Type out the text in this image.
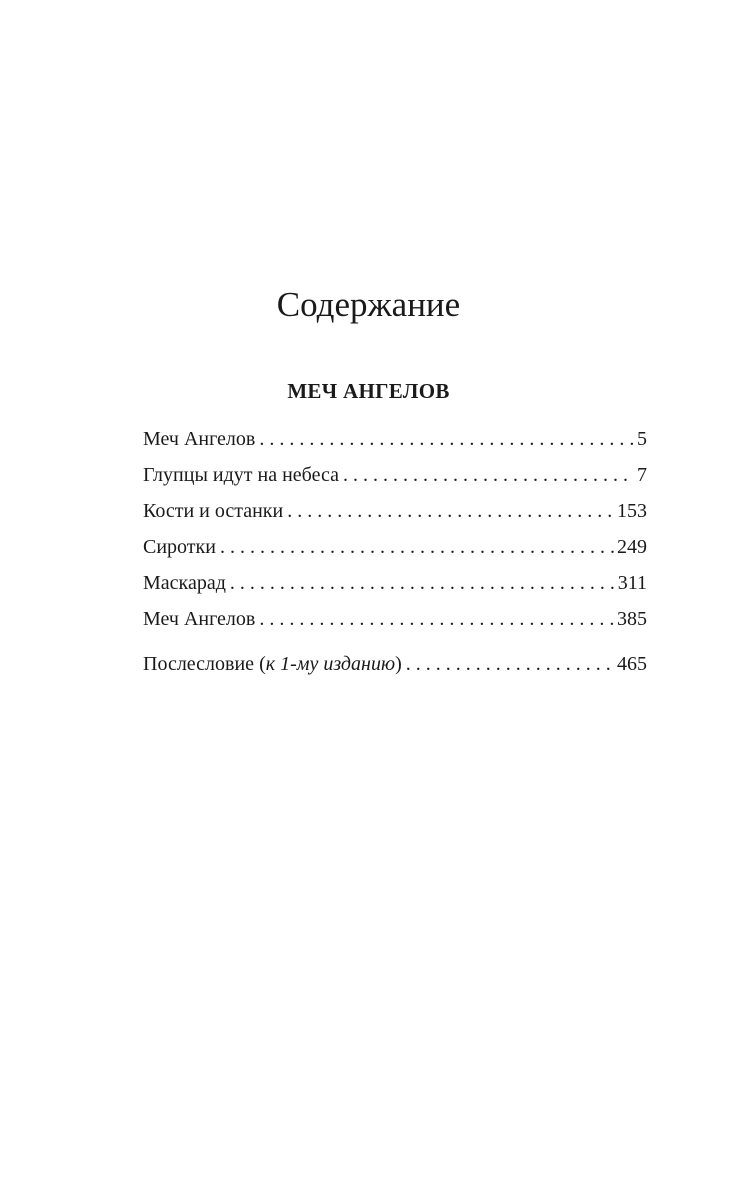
Содержание
МЕЧ АНГЕЛОВ
Меч Ангелов . . .	5
Глупцы идут на небеса . . .	7
Кости и останки . . .	153
Сиротки . . .	249
Маскарад . . .	311
Меч Ангелов . . .	385
Послесловие (к 1-му изданию) . . .	465
